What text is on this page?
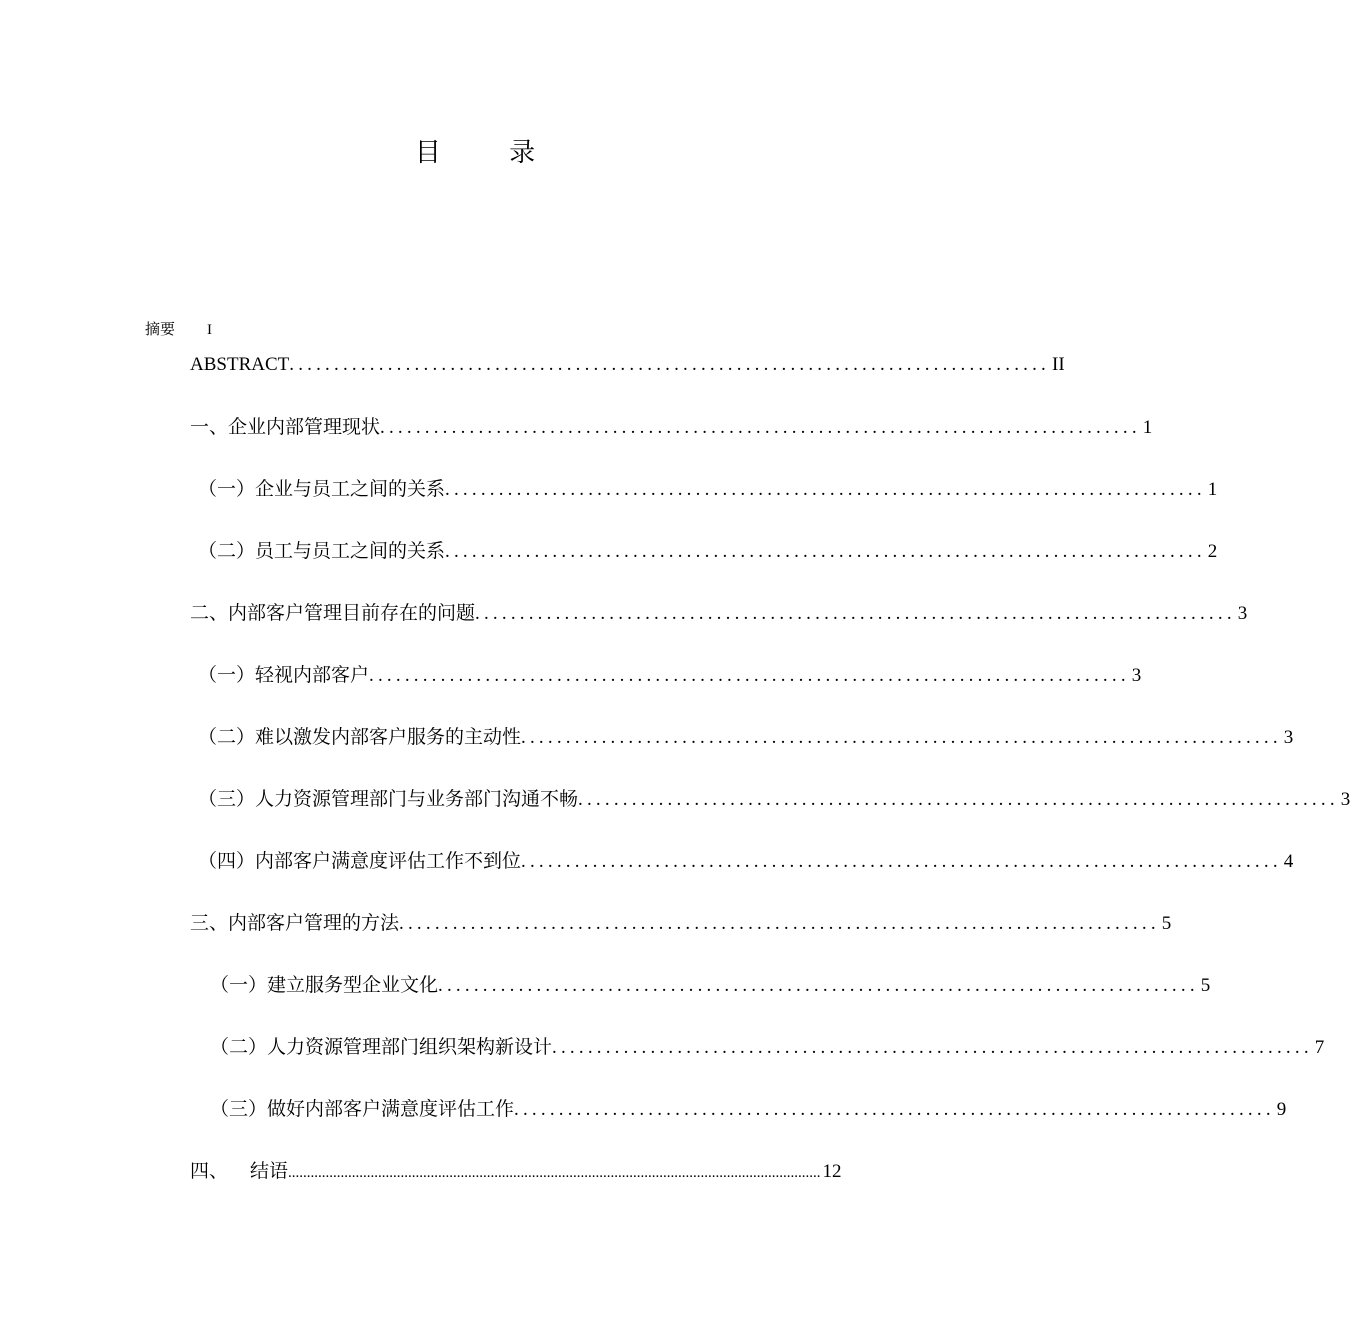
目 录
摘要 I
ABSTRACT ..................................................................................... II
一、企业内部管理现状 ..................................................................................... 1
（一）企业与员工之间的关系 ..................................................................................... 1
（二）员工与员工之间的关系 ..................................................................................... 2
二、内部客户管理目前存在的问题 ..................................................................................... 3
（一）轻视内部客户 ..................................................................................... 3
（二）难以激发内部客户服务的主动性 ..................................................................................... 3
（三）人力资源管理部门与业务部门沟通不畅 ..................................................................................... 3
（四）内部客户满意度评估工作不到位 ..................................................................................... 4
三、内部客户管理的方法 ..................................................................................... 5
（一）建立服务型企业文化 ..................................................................................... 5
（二）人力资源管理部门组织架构新设计 ..................................................................................... 7
（三）做好内部客户满意度评估工作 ..................................................................................... 9
四、 结语 .............................................................................................................................................. 12
